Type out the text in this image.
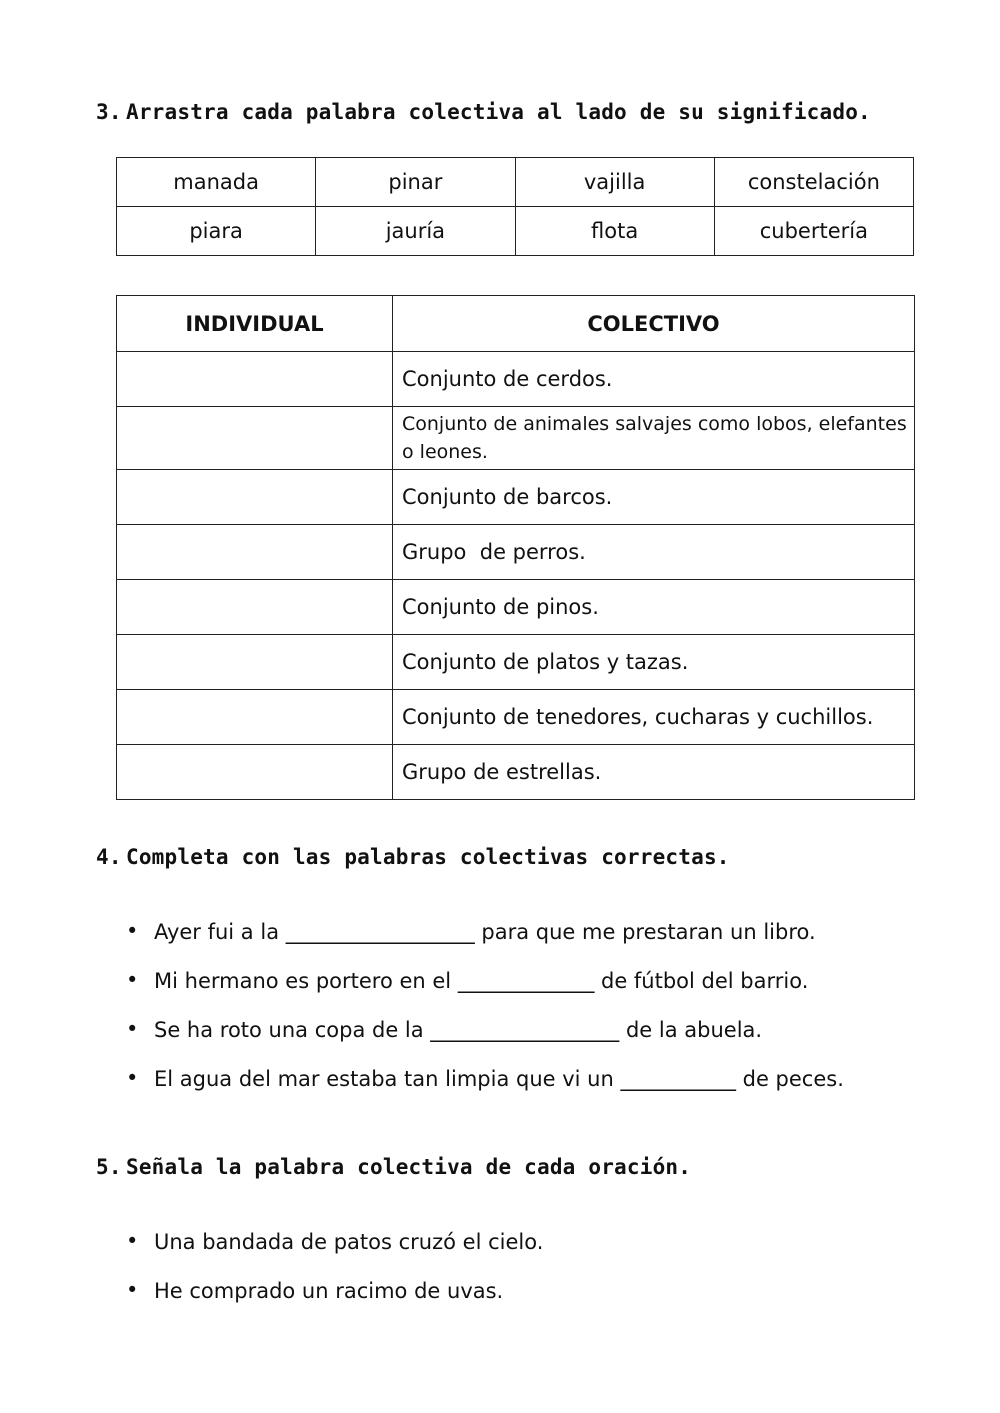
3. Arrastra cada palabra colectiva al lado de su significado.
manada	pinar	vajilla	constelación
piara	jauría	flota	cubertería
INDIVIDUAL	COLECTIVO
	Conjunto de cerdos.
	Conjunto de animales salvajes como lobos, elefantes o leones.
	Conjunto de barcos.
	Grupo  de perros.
	Conjunto de pinos.
	Conjunto de platos y tazas.
	Conjunto de tenedores, cucharas y cuchillos.
	Grupo de estrellas.
4. Completa con las palabras colectivas correctas.
• Ayer fui a la __________________ para que me prestaran un libro.
• Mi hermano es portero en el _____________ de fútbol del barrio.
• Se ha roto una copa de la __________________ de la abuela.
• El agua del mar estaba tan limpia que vi un ___________ de peces.
5. Señala la palabra colectiva de cada oración.
• Una bandada de patos cruzó el cielo.
• He comprado un racimo de uvas.
